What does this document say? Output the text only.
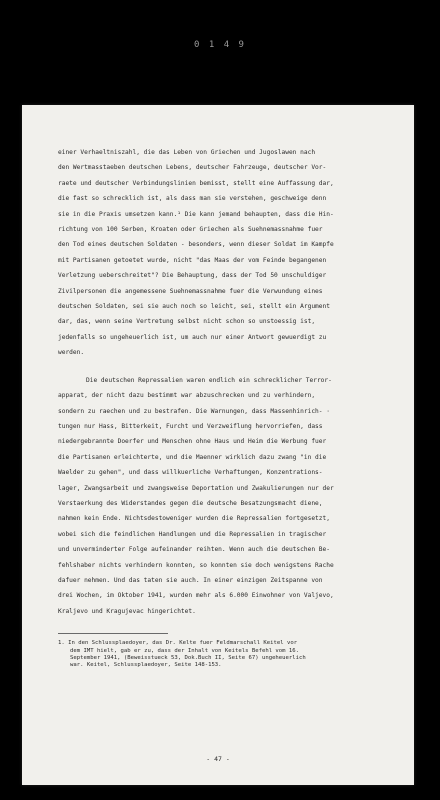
0 1 4 9

einer Verhaeltniszahl, die das Leben von Griechen und Jugoslawen nach
den Wertmasstaeben deutschen Lebens, deutscher Fahrzeuge, deutscher Vor-
raete und deutscher Verbindungslinien bemisst, stellt eine Auffassung dar,
die fast so schrecklich ist, als dass man sie verstehen, geschweige denn
sie in die Praxis umsetzen kann.¹ Die kann jemand behaupten, dass die Hin-
richtung von 100 Serben, Kroaten oder Griechen als Suehnemassnahme fuer
den Tod eines deutschen Soldaten - besonders, wenn dieser Soldat im Kampfe
mit Partisanen getoetet wurde, nicht "das Maas der vom Feinde begangenen
Verletzung ueberschreitet"? Die Behauptung, dass der Tod 50 unschuldiger
Zivilpersonen die angemessene Suehnemassnahme fuer die Verwundung eines
deutschen Soldaten, sei sie auch noch so leicht, sei, stellt ein Argument
dar, das, wenn seine Vertretung selbst nicht schon so unstoessig ist,
jedenfalls so ungeheuerlich ist, um auch nur einer Antwort gewuerdigt zu
werden.

Die deutschen Repressalien waren endlich ein schrecklicher Terror-
apparat, der nicht dazu bestimmt war abzuschrecken und zu verhindern,
sondern zu raechen und zu bestrafen. Die Warnungen, dass Massenhinrich- ·
tungen nur Hass, Bitterkeit, Furcht und Verzweiflung hervorriefen, dass
niedergebrannte Doerfer und Menschen ohne Haus und Heim die Werbung fuer
die Partisanen erleichterte, und die Maenner wirklich dazu zwang "in die
Waelder zu gehen", und dass willkuerliche Verhaftungen, Konzentrations-
lager, Zwangsarbeit und zwangsweise Deportation und Zwakulierungen nur der
Verstaerkung des Widerstandes gegen die deutsche Besatzungsmacht diene,
nahmen kein Ende. Nichtsdestoweniger wurden die Repressalien fortgesetzt,
wobei sich die feindlichen Handlungen und die Repressalien in tragischer
und unverminderter Folge aufeinander reihten. Wenn auch die deutschen Be-
fehlshaber nichts verhindern konnten, so konnten sie doch wenigstens Rache
dafuer nehmen. Und das taten sie auch. In einer einzigen Zeitspanne von
drei Wochen, im Oktober 1941, wurden mehr als 6.000 Einwohner von Valjevo,
Kraljevo und Kragujevac hingerichtet.

1. In den Schlussplaedoyer, das Dr. Kelte fuer Feldmarschall Keitel vor
dem IMT hielt, gab er zu, dass der Inhalt von Keitels Befehl vom 16.
September 1941, (Beweisstueck 53, Dok.Buch II, Seite 67) ungeheuerlich
war. Keitel, Schlussplaedoyer, Seite 148-153.
- 47 -
